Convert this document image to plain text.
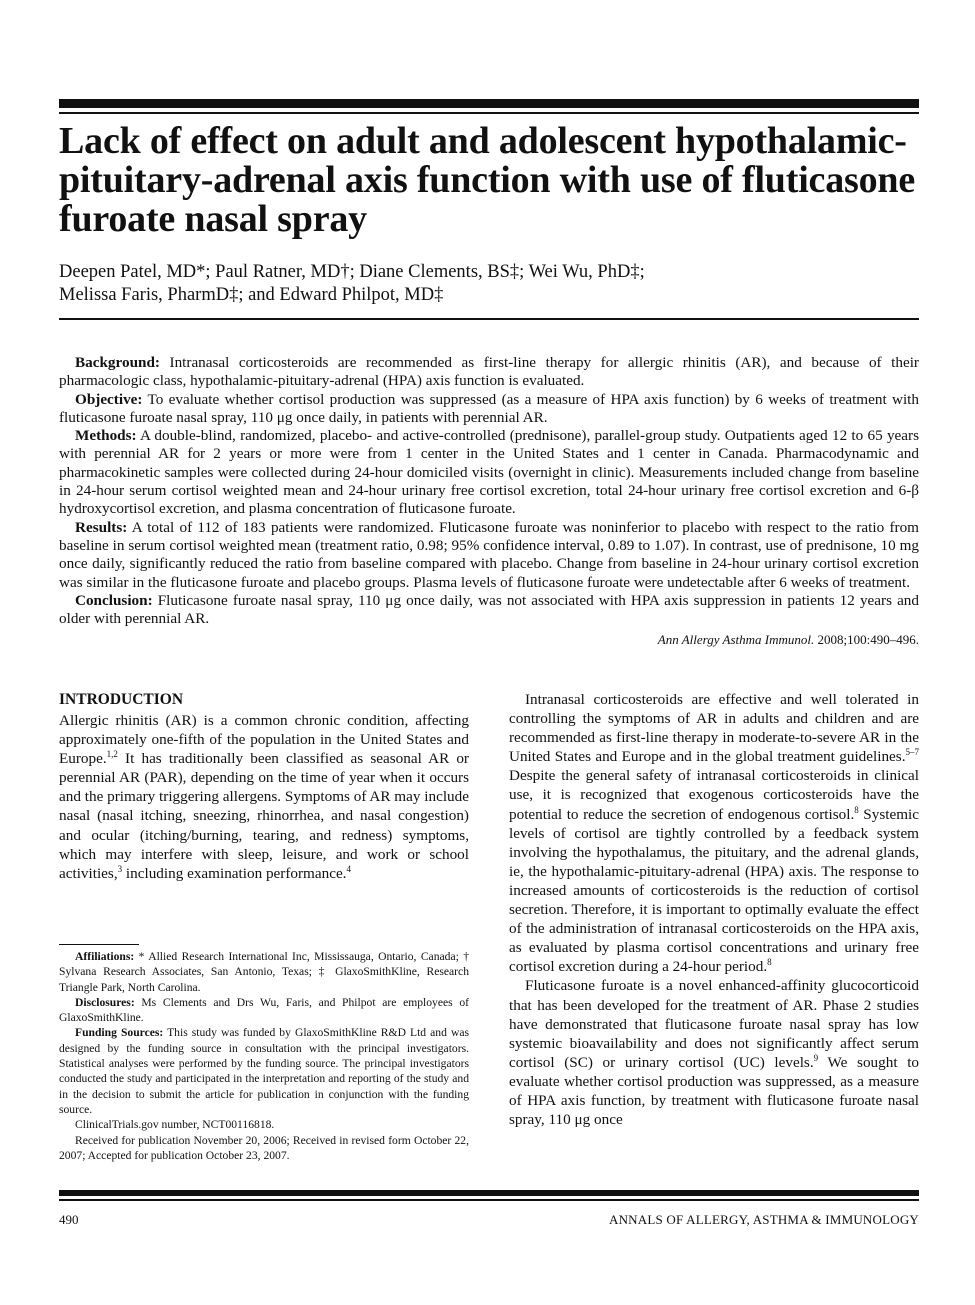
Lack of effect on adult and adolescent hypothalamic-pituitary-adrenal axis function with use of fluticasone furoate nasal spray
Deepen Patel, MD*; Paul Ratner, MD†; Diane Clements, BS‡; Wei Wu, PhD‡;
Melissa Faris, PharmD‡; and Edward Philpot, MD‡

Background: Intranasal corticosteroids are recommended as first-line therapy for allergic rhinitis (AR), and because of their pharmacologic class, hypothalamic-pituitary-adrenal (HPA) axis function is evaluated.

Objective: To evaluate whether cortisol production was suppressed (as a measure of HPA axis function) by 6 weeks of treatment with fluticasone furoate nasal spray, 110 μg once daily, in patients with perennial AR.

Methods: A double-blind, randomized, placebo- and active-controlled (prednisone), parallel-group study. Outpatients aged 12 to 65 years with perennial AR for 2 years or more were from 1 center in the United States and 1 center in Canada. Pharmacodynamic and pharmacokinetic samples were collected during 24-hour domiciled visits (overnight in clinic). Measurements included change from baseline in 24-hour serum cortisol weighted mean and 24-hour urinary free cortisol excretion, total 24-hour urinary free cortisol excretion and 6-β hydroxycortisol excretion, and plasma concentration of fluticasone furoate.

Results: A total of 112 of 183 patients were randomized. Fluticasone furoate was noninferior to placebo with respect to the ratio from baseline in serum cortisol weighted mean (treatment ratio, 0.98; 95% confidence interval, 0.89 to 1.07). In contrast, use of prednisone, 10 mg once daily, significantly reduced the ratio from baseline compared with placebo. Change from baseline in 24-hour urinary cortisol excretion was similar in the fluticasone furoate and placebo groups. Plasma levels of fluticasone furoate were undetectable after 6 weeks of treatment.

Conclusion: Fluticasone furoate nasal spray, 110 μg once daily, was not associated with HPA axis suppression in patients 12 years and older with perennial AR.

Ann Allergy Asthma Immunol. 2008;100:490–496.
INTRODUCTION

Allergic rhinitis (AR) is a common chronic condition, affecting approximately one-fifth of the population in the United States and Europe.$^{1,2}$ It has traditionally been classified as seasonal AR or perennial AR (PAR), depending on the time of year when it occurs and the primary triggering allergens. Symptoms of AR may include nasal (nasal itching, sneezing, rhinorrhea, and nasal congestion) and ocular (itching/burning, tearing, and redness) symptoms, which may interfere with sleep, leisure, and work or school activities,$^3$ including examination performance.$^4$

Affiliations: * Allied Research International Inc, Mississauga, Ontario, Canada; † Sylvana Research Associates, San Antonio, Texas; ‡ GlaxoSmithKline, Research Triangle Park, North Carolina.

Disclosures: Ms Clements and Drs Wu, Faris, and Philpot are employees of GlaxoSmithKline.

Funding Sources: This study was funded by GlaxoSmithKline R&D Ltd and was designed by the funding source in consultation with the principal investigators. Statistical analyses were performed by the funding source. The principal investigators conducted the study and participated in the interpretation and reporting of the study and in the decision to submit the article for publication in conjunction with the funding source.

ClinicalTrials.gov number, NCT00116818.

Received for publication November 20, 2006; Received in revised form October 22, 2007; Accepted for publication October 23, 2007.

Intranasal corticosteroids are effective and well tolerated in controlling the symptoms of AR in adults and children and are recommended as first-line therapy in moderate-to-severe AR in the United States and Europe and in the global treatment guidelines.$^{5-7}$ Despite the general safety of intranasal corticosteroids in clinical use, it is recognized that exogenous corticosteroids have the potential to reduce the secretion of endogenous cortisol.$^8$ Systemic levels of cortisol are tightly controlled by a feedback system involving the hypothalamus, the pituitary, and the adrenal glands, ie, the hypothalamic-pituitary-adrenal (HPA) axis. The response to increased amounts of corticosteroids is the reduction of cortisol secretion. Therefore, it is important to optimally evaluate the effect of the administration of intranasal corticosteroids on the HPA axis, as evaluated by plasma cortisol concentrations and urinary free cortisol excretion during a 24-hour period.$^8$

Fluticasone furoate is a novel enhanced-affinity glucocorticoid that has been developed for the treatment of AR. Phase 2 studies have demonstrated that fluticasone furoate nasal spray has low systemic bioavailability and does not significantly affect serum cortisol (SC) or urinary cortisol (UC) levels.$^9$ We sought to evaluate whether cortisol production was suppressed, as a measure of HPA axis function, by treatment with fluticasone furoate nasal spray, 110 μg once

490	ANNALS OF ALLERGY, ASTHMA & IMMUNOLOGY
